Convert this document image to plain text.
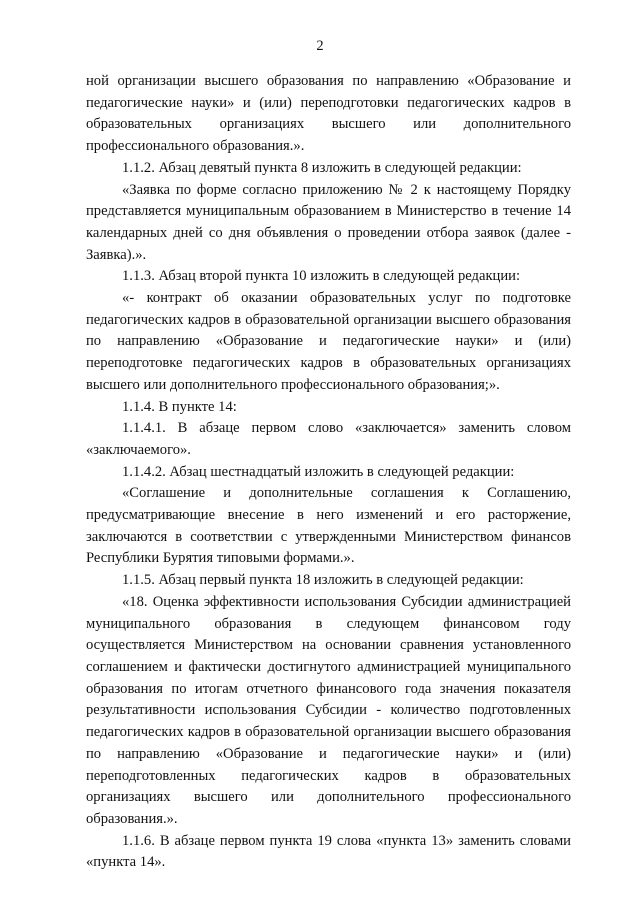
2

ной организации высшего образования по направлению «Образование и педагогические науки» и (или) переподготовки педагогических кадров в образовательных организациях высшего или дополнительного профессионального образования.».

1.1.2. Абзац девятый пункта 8 изложить в следующей редакции:

«Заявка по форме согласно приложению № 2 к настоящему Порядку представляется муниципальным образованием в Министерство в течение 14 календарных дней со дня объявления о проведении отбора заявок (далее - Заявка).».

1.1.3. Абзац второй пункта 10 изложить в следующей редакции:

«- контракт об оказании образовательных услуг по подготовке педагогических кадров в образовательной организации высшего образования по направлению «Образование и педагогические науки» и (или) переподготовке педагогических кадров в образовательных организациях высшего или дополнительного профессионального образования;».

1.1.4. В пункте 14:

1.1.4.1. В абзаце первом слово «заключается» заменить словом «заключаемого».

1.1.4.2. Абзац шестнадцатый изложить в следующей редакции:

«Соглашение и дополнительные соглашения к Соглашению, предусматривающие внесение в него изменений и его расторжение, заключаются в соответствии с утвержденными Министерством финансов Республики Бурятия типовыми формами.».

1.1.5. Абзац первый пункта 18 изложить в следующей редакции:

«18. Оценка эффективности использования Субсидии администрацией муниципального образования в следующем финансовом году осуществляется Министерством на основании сравнения установленного соглашением и фактически достигнутого администрацией муниципального образования по итогам отчетного финансового года значения показателя результативности использования Субсидии - количество подготовленных педагогических кадров в образовательной организации высшего образования по направлению «Образование и педагогические науки» и (или) переподготовленных педагогических кадров в образовательных организациях высшего или дополнительного профессионального образования.».

1.1.6. В абзаце первом пункта 19 слова «пункта 13» заменить словами «пункта 14».
